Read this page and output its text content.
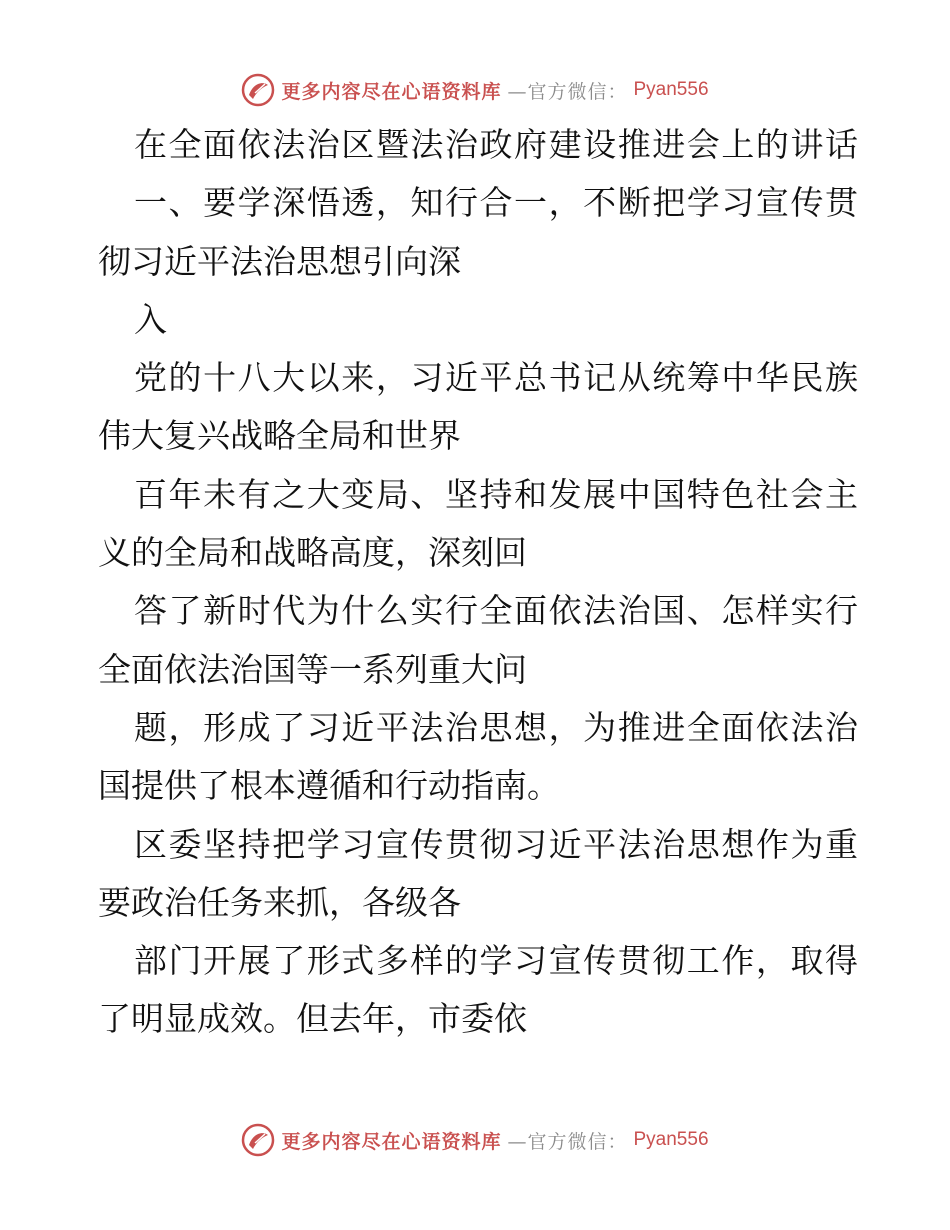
更多内容尽在心语资料库 —官方微信： Pyan556
在全面依法治区暨法治政府建设推进会上的讲话
一、要学深悟透，知行合一，不断把学习宣传贯
彻习近平法治思想引向深
入
党的十八大以来，习近平总书记从统筹中华民族
伟大复兴战略全局和世界
百年未有之大变局、坚持和发展中国特色社会主
义的全局和战略高度，深刻回
答了新时代为什么实行全面依法治国、怎样实行
全面依法治国等一系列重大问
题，形成了习近平法治思想，为推进全面依法治
国提供了根本遵循和行动指南。
区委坚持把学习宣传贯彻习近平法治思想作为重
要政治任务来抓，各级各
部门开展了形式多样的学习宣传贯彻工作，取得
了明显成效。但去年，市委依
更多内容尽在心语资料库 —官方微信： Pyan556
